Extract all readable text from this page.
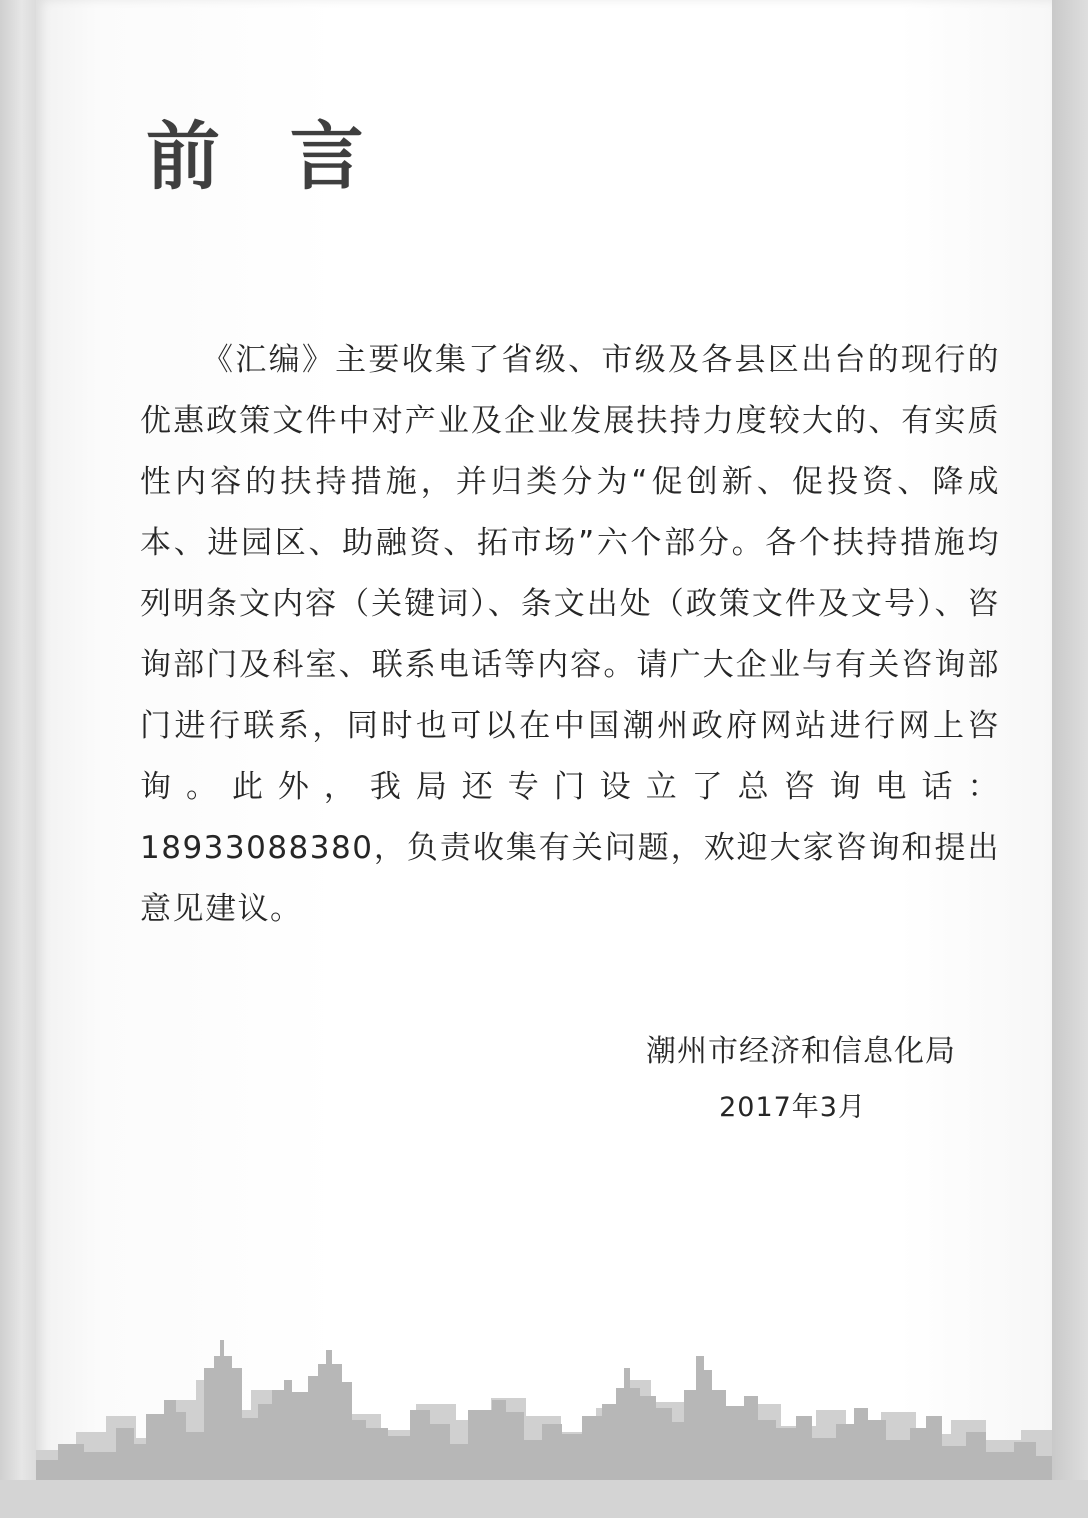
前 言

《汇编》主要收集了省级、市级及各县区出台的现行的优惠政策文件中对产业及企业发展扶持力度较大的、有实质性内容的扶持措施，并归类分为“促创新、促投资、降成本、进园区、助融资、拓市场”六个部分。各个扶持措施均列明条文内容（关键词）、条文出处（政策文件及文号）、咨询部门及科室、联系电话等内容。请广大企业与有关咨询部门进行联系，同时也可以在中国潮州政府网站进行网上咨询。此外，我局还专门设立了总咨询电话：18933088380，负责收集有关问题，欢迎大家咨询和提出意见建议。

潮州市经济和信息化局
2017年3月
